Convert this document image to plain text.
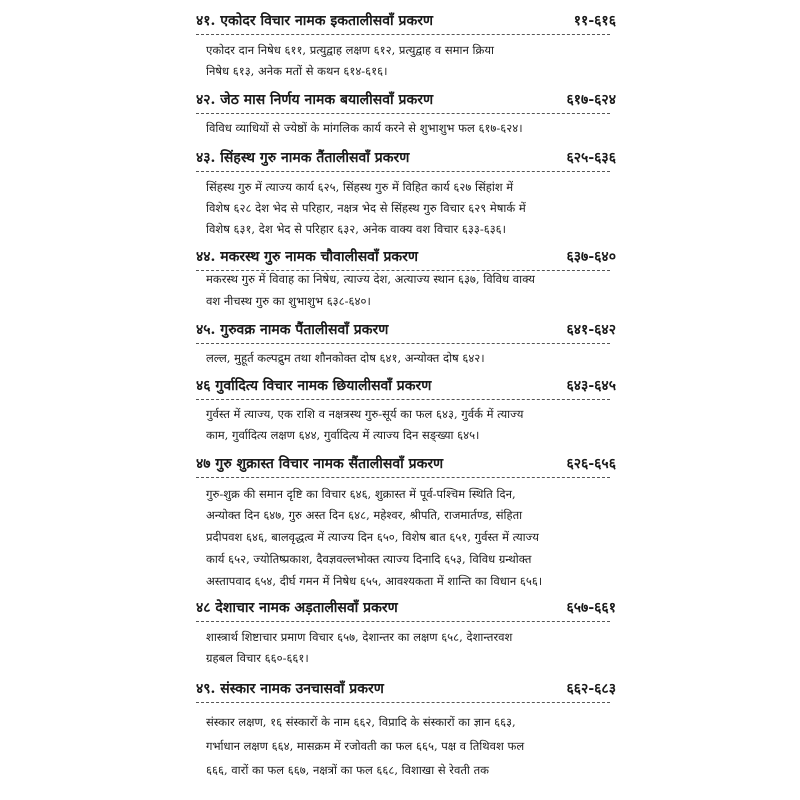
४१. एकोदर विचार नामक इकतालीसवाँ प्रकरण	११-६१६
एकोदर दान निषेध ६११, प्रत्युद्वाह लक्षण ६१२, प्रत्युद्वाह व समान क्रिया
निषेध ६१३, अनेक मतों से कथन ६१४-६१६।
४२. जेठ मास निर्णय नामक बयालीसवाँ प्रकरण	६१७-६२४
विविध व्याधियों से ज्येष्ठों के मांगलिक कार्य करने से शुभाशुभ फल ६१७-६२४।
४३. सिंहस्थ गुरु नामक तैंतालीसवाँ प्रकरण	६२५-६३६
सिंहस्थ गुरु में त्याज्य कार्य ६२५, सिंहस्थ गुरु में विहित कार्य ६२७ सिंहांश में
विशेष ६२८ देश भेद से परिहार, नक्षत्र भेद से सिंहस्थ गुरु विचार ६२९ मेषार्क में
विशेष ६३१, देश भेद से परिहार ६३२, अनेक वाक्य वश विचार ६३३-६३६।
४४. मकरस्थ गुरु नामक चौवालीसवाँ प्रकरण	६३७-६४०
मकरस्थ गुरु में विवाह का निषेध, त्याज्य देश, अत्याज्य स्थान ६३७, विविध वाक्य
वश नीचस्थ गुरु का शुभाशुभ ६३८-६४०।
४५. गुरुवक्र नामक पैंतालीसवाँ प्रकरण	६४१-६४२
लल्ल, मुहूर्त कल्पद्रुम तथा शौनकोक्त दोष ६४१, अन्योक्त दोष ६४२।
४६ गुर्वादित्य विचार नामक छियालीसवाँ प्रकरण	६४३-६४५
गुर्वस्त में त्याज्य, एक राशि व नक्षत्रस्थ गुरु-सूर्य का फल ६४३, गुर्वर्क में त्याज्य
काम, गुर्वादित्य लक्षण ६४४, गुर्वादित्य में त्याज्य दिन सङ्ख्या ६४५।
४७ गुरु शुक्रास्त विचार नामक सैंतालीसवाँ प्रकरण	६२६-६५६
गुरु-शुक्र की समान दृष्टि का विचार ६४६, शुक्रास्त में पूर्व-पश्चिम स्थिति दिन,
अन्योक्त दिन ६४७, गुरु अस्त दिन ६४८, महेश्वर, श्रीपति, राजमार्तण्ड, संहिता
प्रदीपवश ६४६, बालवृद्धत्व में त्याज्य दिन ६५०, विशेष बात ६५१, गुर्वस्त में त्याज्य
कार्य ६५२, ज्योतिष्प्रकाश, दैवज्ञवल्लभोक्त त्याज्य दिनादि ६५३, विविध ग्रन्थोक्त
अस्तापवाद ६५४, दीर्घ गमन में निषेध ६५५, आवश्यकता में शान्ति का विधान ६५६।
४८ देशाचार नामक अड़तालीसवाँ प्रकरण	६५७-६६१
शास्त्रार्थ शिष्टाचार प्रमाण विचार ६५७, देशान्तर का लक्षण ६५८, देशान्तरवश
ग्रहबल विचार ६६०-६६१।
४९. संस्कार नामक उनचासवाँ प्रकरण	६६२-६८३
संस्कार लक्षण, १६ संस्कारों के नाम ६६२, विप्रादि के संस्कारों का ज्ञान ६६३,
गर्भाधान लक्षण ६६४, मासक्रम में रजोवती का फल ६६५, पक्ष व तिथिवश फल
६६६, वारों का फल ६६७, नक्षत्रों का फल ६६८, विशाखा से रेवती तक
